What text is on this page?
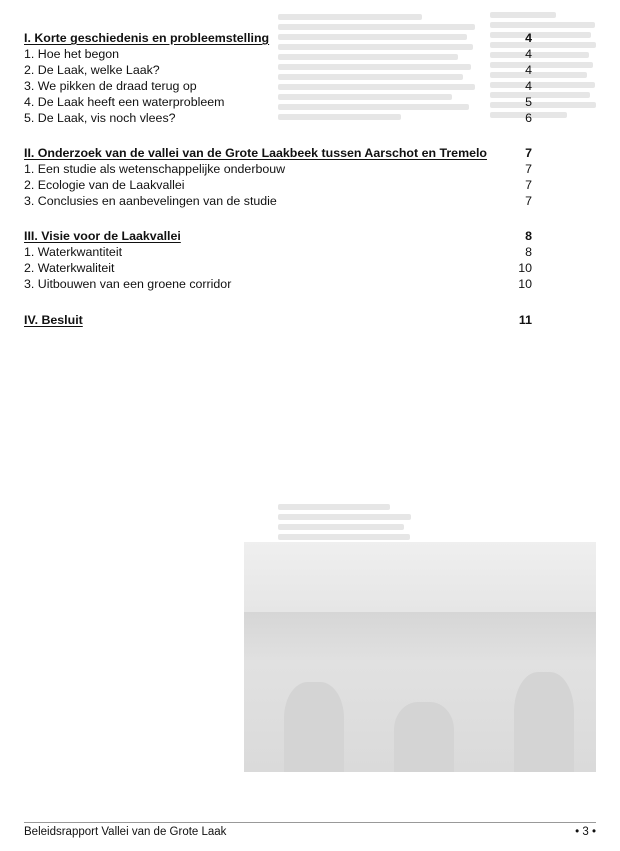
I. Korte geschiedenis en probleemstelling	4
1. Hoe het begon	4
2. De Laak, welke Laak?	4
3. We pikken de draad terug op	4
4. De Laak heeft een waterprobleem	5
5. De Laak, vis noch vlees?	6
II. Onderzoek van de vallei van de Grote Laakbeek tussen Aarschot en Tremelo	7
1. Een studie als wetenschappelijke onderbouw	7
2. Ecologie van de Laakvallei	7
3. Conclusies en aanbevelingen van de studie	7
III. Visie voor de Laakvallei	8
1. Waterkwantiteit	8
2. Waterkwaliteit	10
3. Uitbouwen van een groene corridor	10
IV. Besluit	11
Beleidsrapport Vallei van de Grote Laak	• 3 •
